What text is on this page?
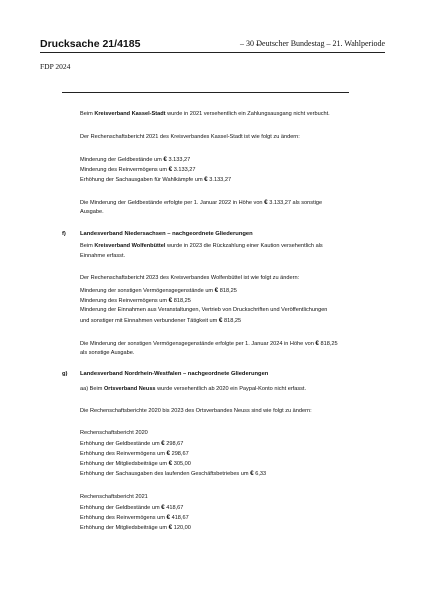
Drucksache 21/4185	– 30 –
Deutscher Bundestag – 21. Wahlperiode
FDP 2024
Beim Kreisverband Kassel-Stadt wurde in 2021 versehentlich ein Zahlungsausgang nicht verbucht.
Der Rechenschaftsbericht 2021 des Kreisverbandes Kassel-Stadt ist wie folgt zu ändern:
Minderung der Geldbestände um € 3.133,27
Minderung des Reinvermögens um € 3.133,27
Erhöhung der Sachausgaben für Wahlkämpfe um € 3.133,27
Die Minderung der Geldbestände erfolgte per 1. Januar 2022 in Höhe von € 3.133,27 als sonstige
Ausgabe.
f) Landesverband Niedersachsen – nachgeordnete Gliederungen
Beim Kreisverband Wolfenbüttel wurde in 2023 die Rückzahlung einer Kaution versehentlich als
Einnahme erfasst.
Der Rechenschaftsbericht 2023 des Kreisverbandes Wolfenbüttel ist wie folgt zu ändern:
Minderung der sonstigen Vermögensgegenstände um € 818,25
Minderung des Reinvermögens um € 818,25
Minderung der Einnahmen aus Veranstaltungen, Vertrieb von Druckschriften und Veröffentlichungen
und sonstiger mit Einnahmen verbundener Tätigkeit um € 818,25
Die Minderung der sonstigen Vermögensgegenstände erfolgte per 1. Januar 2024 in Höhe von € 818,25
als sonstige Ausgabe.
g) Landesverband Nordrhein-Westfalen – nachgeordnete Gliederungen
aa) Beim Ortsverband Neuss wurde versehentlich ab 2020 ein Paypal-Konto nicht erfasst.
Die Rechenschaftsberichte 2020 bis 2023 des Ortsverbandes Neuss sind wie folgt zu ändern:
Rechenschaftsbericht 2020
Erhöhung der Geldbestände um € 298,67
Erhöhung des Reinvermögens um € 298,67
Erhöhung der Mitgliedsbeiträge um € 305,00
Erhöhung der Sachausgaben des laufenden Geschäftsbetriebes um € 6,33
Rechenschaftsbericht 2021
Erhöhung der Geldbestände um € 418,67
Erhöhung des Reinvermögens um € 418,67
Erhöhung der Mitgliedsbeiträge um € 120,00
